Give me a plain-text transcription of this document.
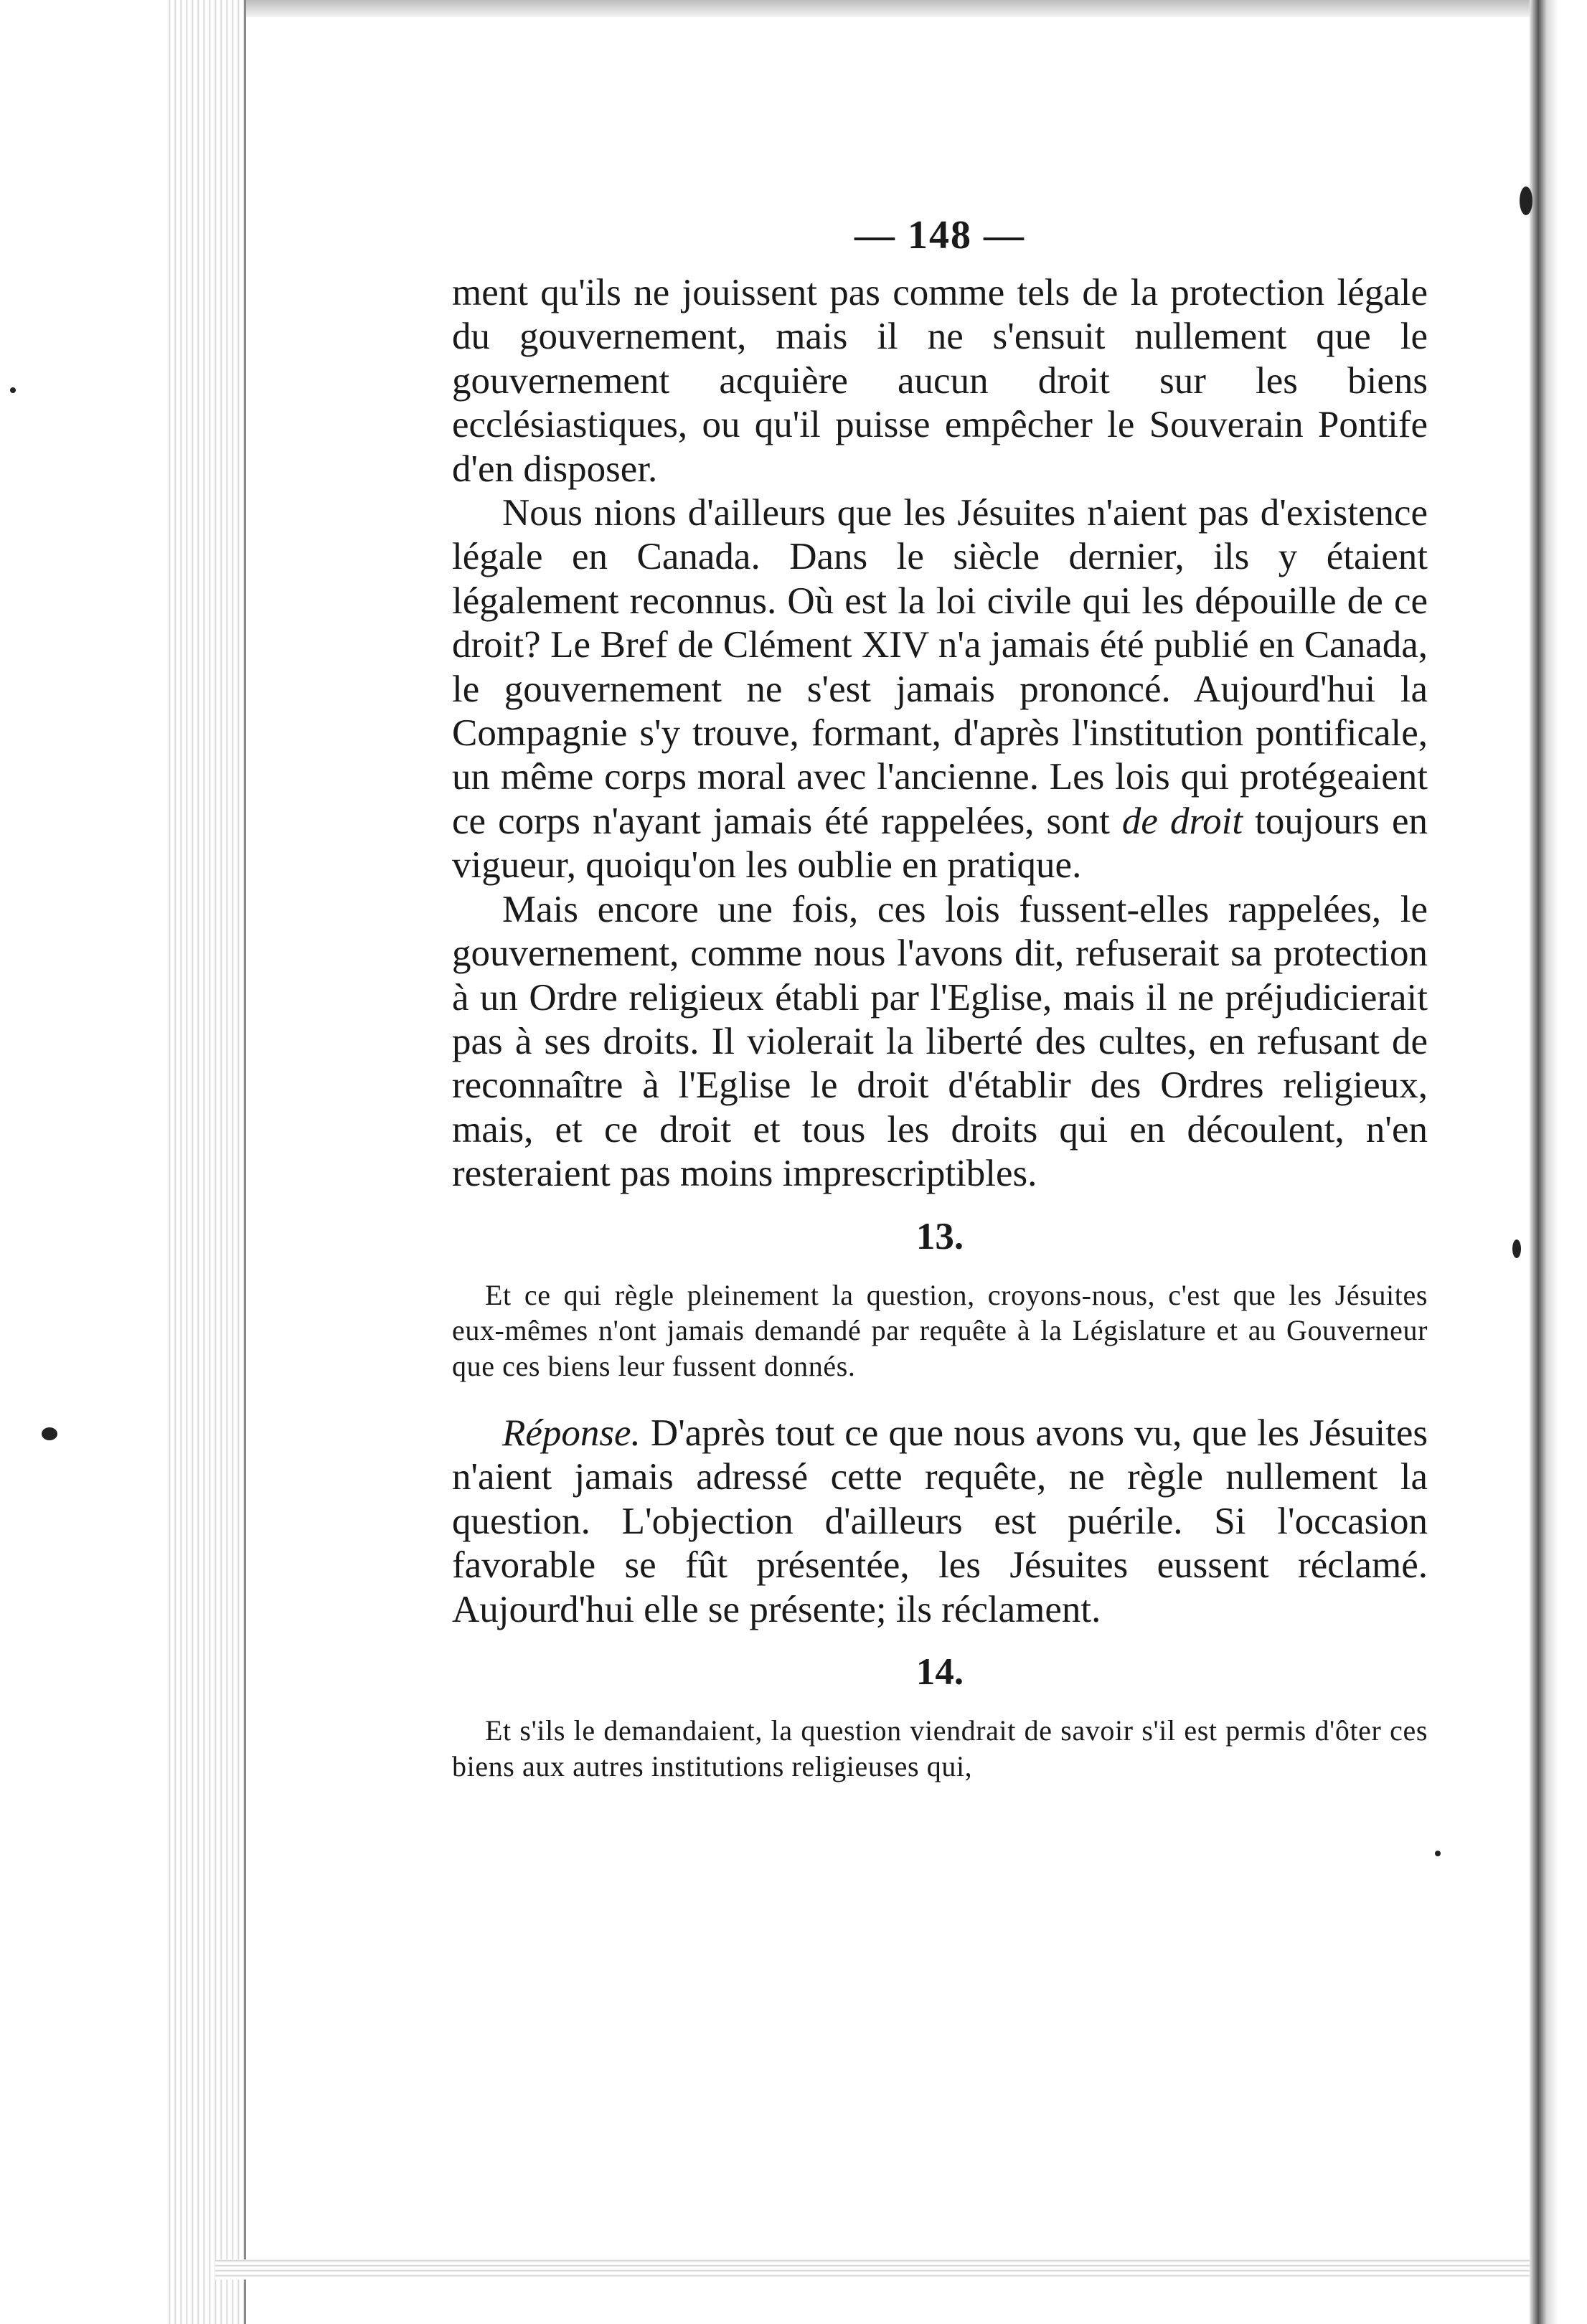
— 148 —

ment qu'ils ne jouissent pas comme tels de la protection légale du gouvernement, mais il ne s'ensuit nullement que le gouvernement acquière aucun droit sur les biens ecclésiastiques, ou qu'il puisse empêcher le Souverain Pontife d'en disposer.

Nous nions d'ailleurs que les Jésuites n'aient pas d'existence légale en Canada. Dans le siècle dernier, ils y étaient légalement reconnus. Où est la loi civile qui les dépouille de ce droit? Le Bref de Clément XIV n'a jamais été publié en Canada, le gouvernement ne s'est jamais prononcé. Aujourd'hui la Compagnie s'y trouve, formant, d'après l'institution pontificale, un même corps moral avec l'ancienne. Les lois qui protégeaient ce corps n'ayant jamais été rappelées, sont de droit toujours en vigueur, quoiqu'on les oublie en pratique.

Mais encore une fois, ces lois fussent-elles rappelées, le gouvernement, comme nous l'avons dit, refuserait sa protection à un Ordre religieux établi par l'Eglise, mais il ne préjudicierait pas à ses droits. Il violerait la liberté des cultes, en refusant de reconnaître à l'Eglise le droit d'établir des Ordres religieux, mais, et ce droit et tous les droits qui en découlent, n'en resteraient pas moins imprescriptibles.

13.

Et ce qui règle pleinement la question, croyons-nous, c'est que les Jésuites eux-mêmes n'ont jamais demandé par requête à la Législature et au Gouverneur que ces biens leur fussent donnés.

Réponse. D'après tout ce que nous avons vu, que les Jésuites n'aient jamais adressé cette requête, ne règle nullement la question. L'objection d'ailleurs est puérile. Si l'occasion favorable se fût présentée, les Jésuites eussent réclamé. Aujourd'hui elle se présente; ils réclament.

14.

Et s'ils le demandaient, la question viendrait de savoir s'il est permis d'ôter ces biens aux autres institutions religieuses qui,
